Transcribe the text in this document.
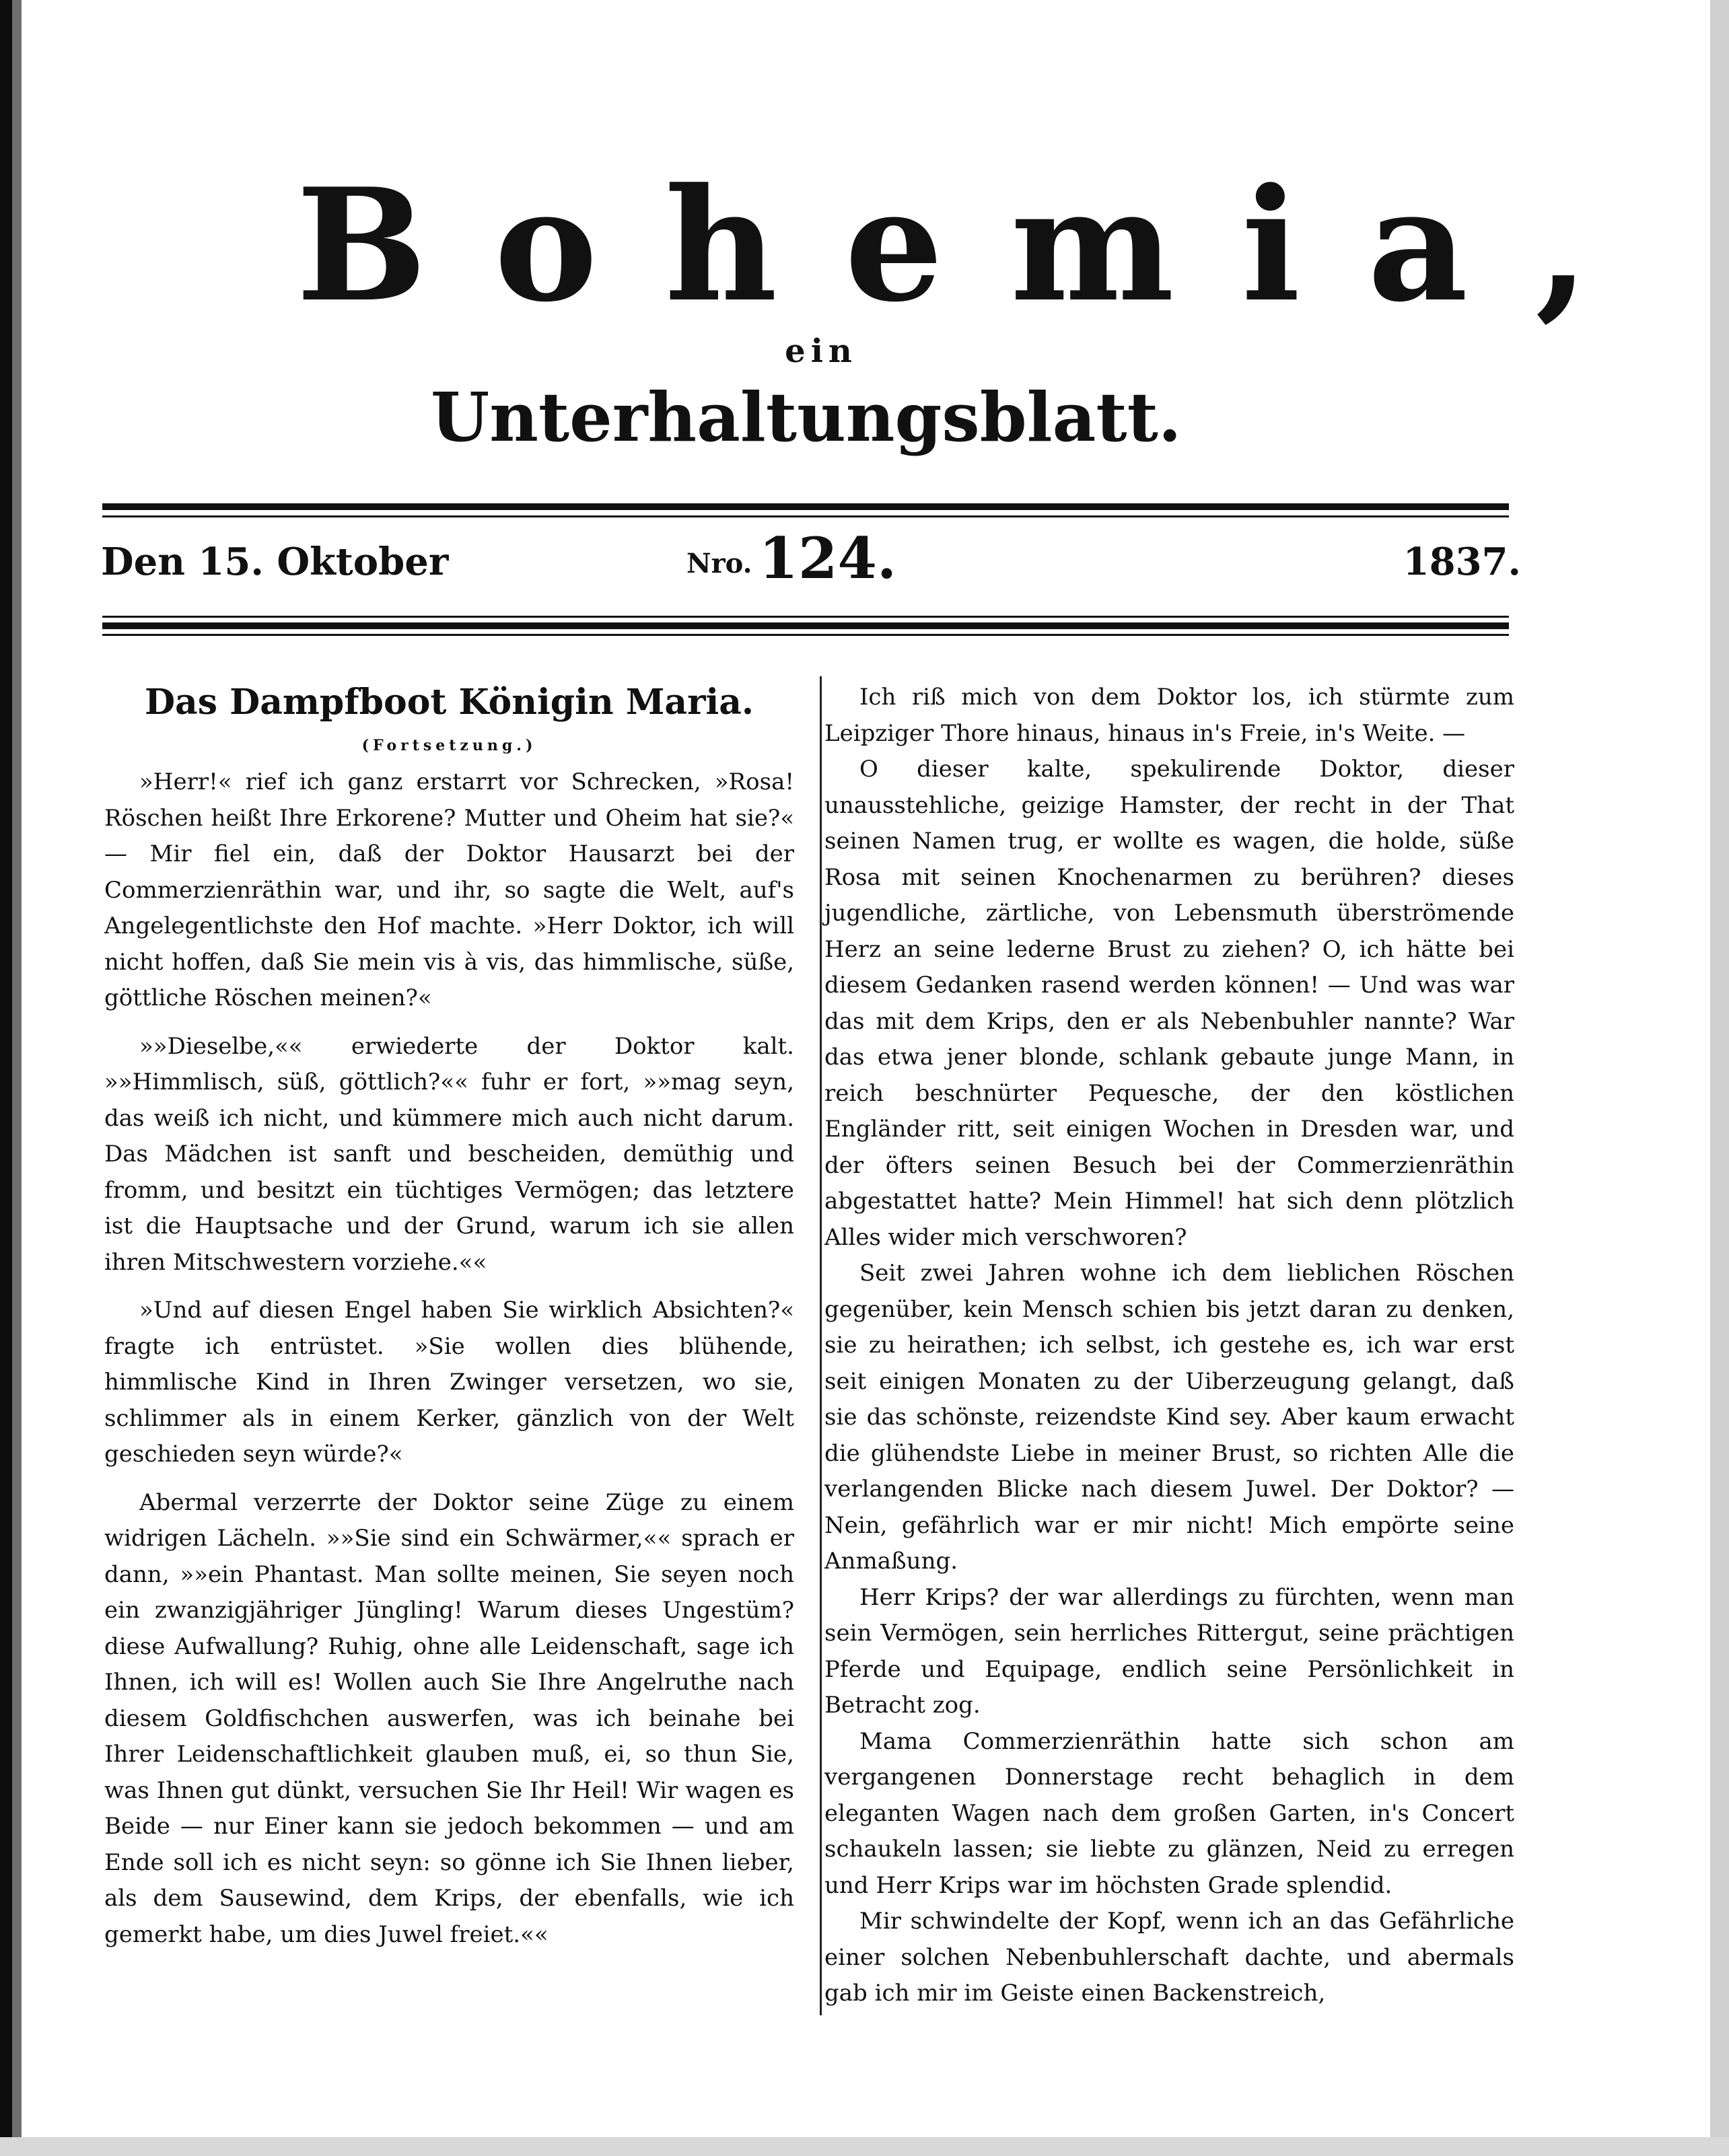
Bohemia,
ein
Unterhaltungsblatt.
Den 15. Oktober	$^{Nro.}$ 124.	1837.
Das Dampfboot Königin Maria.
(Fortsetzung.)

»Herr!« rief ich ganz erstarrt vor Schrecken, »Rosa! Röschen heißt Ihre Erkorene? Mutter und Oheim hat sie?« — Mir fiel ein, daß der Doktor Hausarzt bei der Commerzienräthin war, und ihr, so sagte die Welt, auf's Angelegentlichste den Hof machte. »Herr Doktor, ich will nicht hoffen, daß Sie mein vis à vis, das himmlische, süße, göttliche Röschen meinen?«

»»Dieselbe,«« erwiederte der Doktor kalt. »»Himmlisch, süß, göttlich?«« fuhr er fort, »»mag seyn, das weiß ich nicht, und kümmere mich auch nicht darum. Das Mädchen ist sanft und bescheiden, demüthig und fromm, und besitzt ein tüchtiges Vermögen; das letztere ist die Hauptsache und der Grund, warum ich sie allen ihren Mitschwestern vorziehe.««

»Und auf diesen Engel haben Sie wirklich Absichten?« fragte ich entrüstet. »Sie wollen dies blühende, himmlische Kind in Ihren Zwinger versetzen, wo sie, schlimmer als in einem Kerker, gänzlich von der Welt geschieden seyn würde?«

Abermal verzerrte der Doktor seine Züge zu einem widrigen Lächeln. »»Sie sind ein Schwärmer,«« sprach er dann, »»ein Phantast. Man sollte meinen, Sie seyen noch ein zwanzigjähriger Jüngling! Warum dieses Ungestüm? diese Aufwallung? Ruhig, ohne alle Leidenschaft, sage ich Ihnen, ich will es! Wollen auch Sie Ihre Angelruthe nach diesem Goldfischchen auswerfen, was ich beinahe bei Ihrer Leidenschaftlichkeit glauben muß, ei, so thun Sie, was Ihnen gut dünkt, versuchen Sie Ihr Heil! Wir wagen es Beide — nur Einer kann sie jedoch bekommen — und am Ende soll ich es nicht seyn: so gönne ich Sie Ihnen lieber, als dem Sausewind, dem Krips, der ebenfalls, wie ich gemerkt habe, um dies Juwel freiet.««

Ich riß mich von dem Doktor los, ich stürmte zum Leipziger Thore hinaus, hinaus in's Freie, in's Weite. —

O dieser kalte, spekulirende Doktor, dieser unausstehliche, geizige Hamster, der recht in der That seinen Namen trug, er wollte es wagen, die holde, süße Rosa mit seinen Knochenarmen zu berühren? dieses jugendliche, zärtliche, von Lebensmuth überströmende Herz an seine lederne Brust zu ziehen? O, ich hätte bei diesem Gedanken rasend werden können! — Und was war das mit dem Krips, den er als Nebenbuhler nannte? War das etwa jener blonde, schlank gebaute junge Mann, in reich beschnürter Pequesche, der den köstlichen Engländer ritt, seit einigen Wochen in Dresden war, und der öfters seinen Besuch bei der Commerzienräthin abgestattet hatte? Mein Himmel! hat sich denn plötzlich Alles wider mich verschworen?

Seit zwei Jahren wohne ich dem lieblichen Röschen gegenüber, kein Mensch schien bis jetzt daran zu denken, sie zu heirathen; ich selbst, ich gestehe es, ich war erst seit einigen Monaten zu der Uiberzeugung gelangt, daß sie das schönste, reizendste Kind sey. Aber kaum erwacht die glühendste Liebe in meiner Brust, so richten Alle die verlangenden Blicke nach diesem Juwel. Der Doktor? — Nein, gefährlich war er mir nicht! Mich empörte seine Anmaßung.

Herr Krips? der war allerdings zu fürchten, wenn man sein Vermögen, sein herrliches Rittergut, seine prächtigen Pferde und Equipage, endlich seine Persönlichkeit in Betracht zog.

Mama Commerzienräthin hatte sich schon am vergangenen Donnerstage recht behaglich in dem eleganten Wagen nach dem großen Garten, in's Concert schaukeln lassen; sie liebte zu glänzen, Neid zu erregen und Herr Krips war im höchsten Grade splendid.

Mir schwindelte der Kopf, wenn ich an das Gefährliche einer solchen Nebenbuhlerschaft dachte, und abermals gab ich mir im Geiste einen Backenstreich,
